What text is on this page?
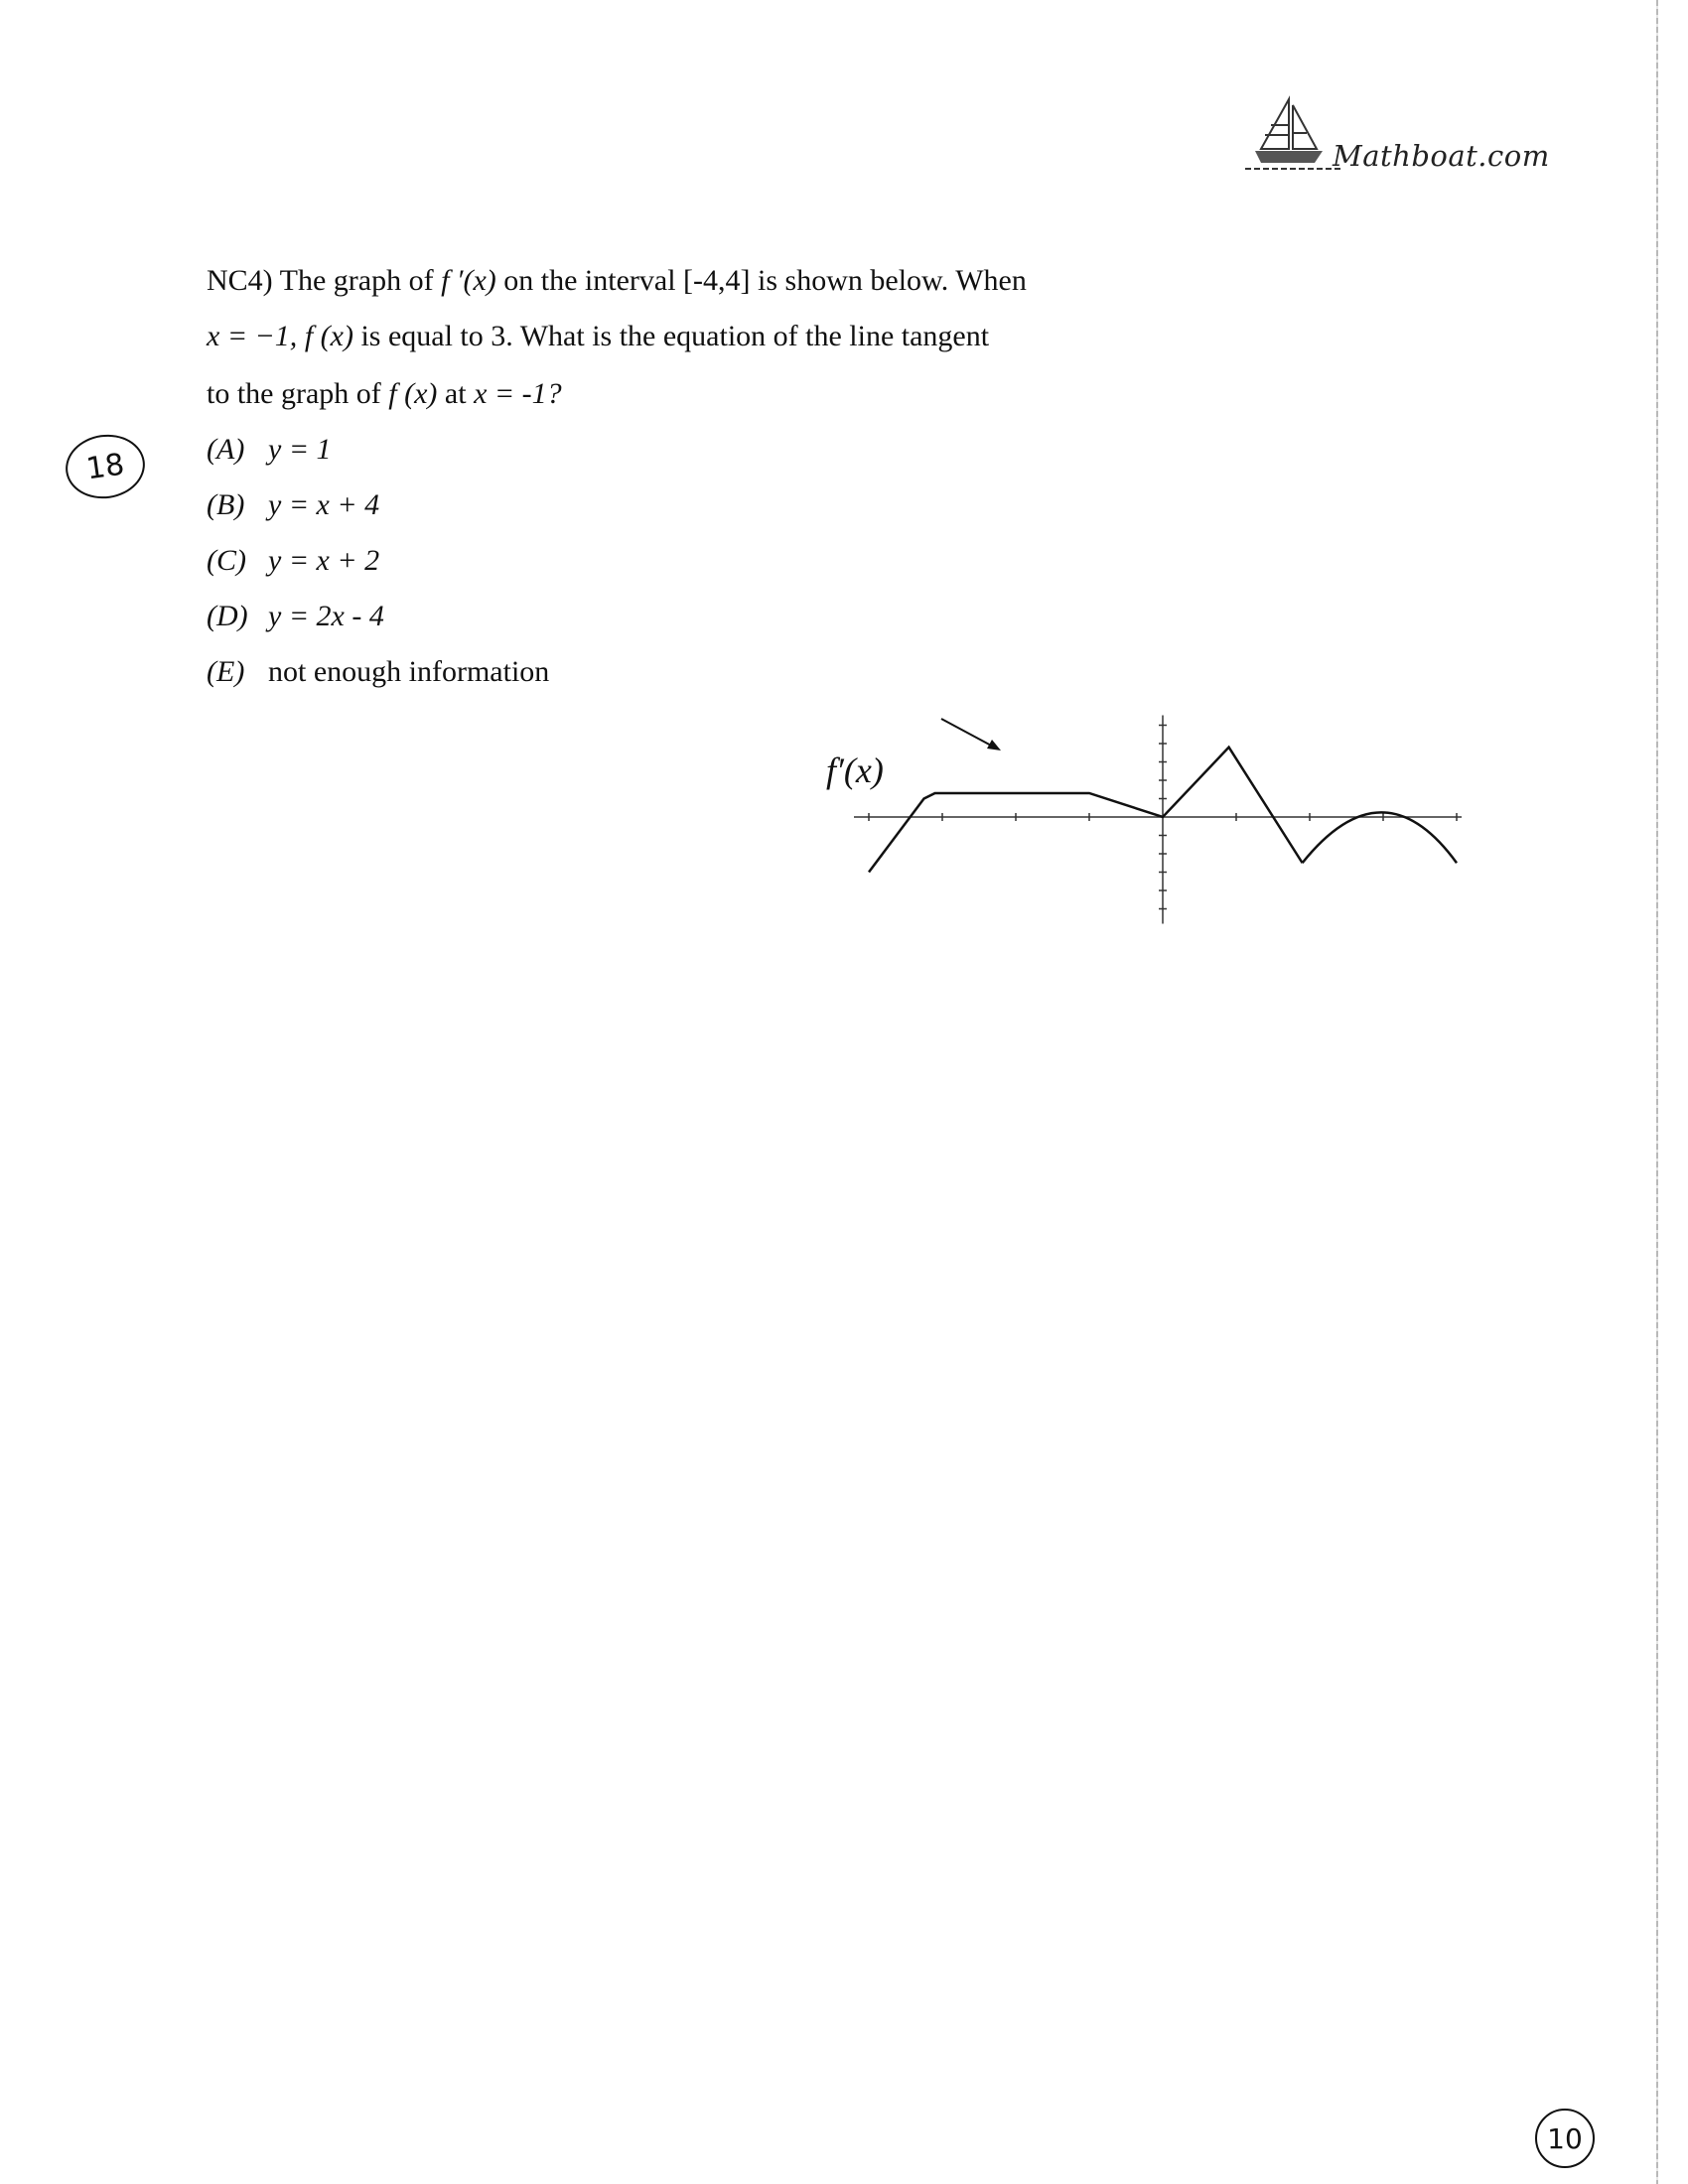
Mathboat.com
NC4) The graph of f ′(x) on the interval [-4,4] is shown below. When
x = −1, f (x) is equal to 3. What is the equation of the line tangent
to the graph of f (x) at x = -1?
(A) y = 1
(B) y = x + 4
(C) y = x + 2
(D) y = 2x - 4
(E) not enough information
18
10
f′(x)
